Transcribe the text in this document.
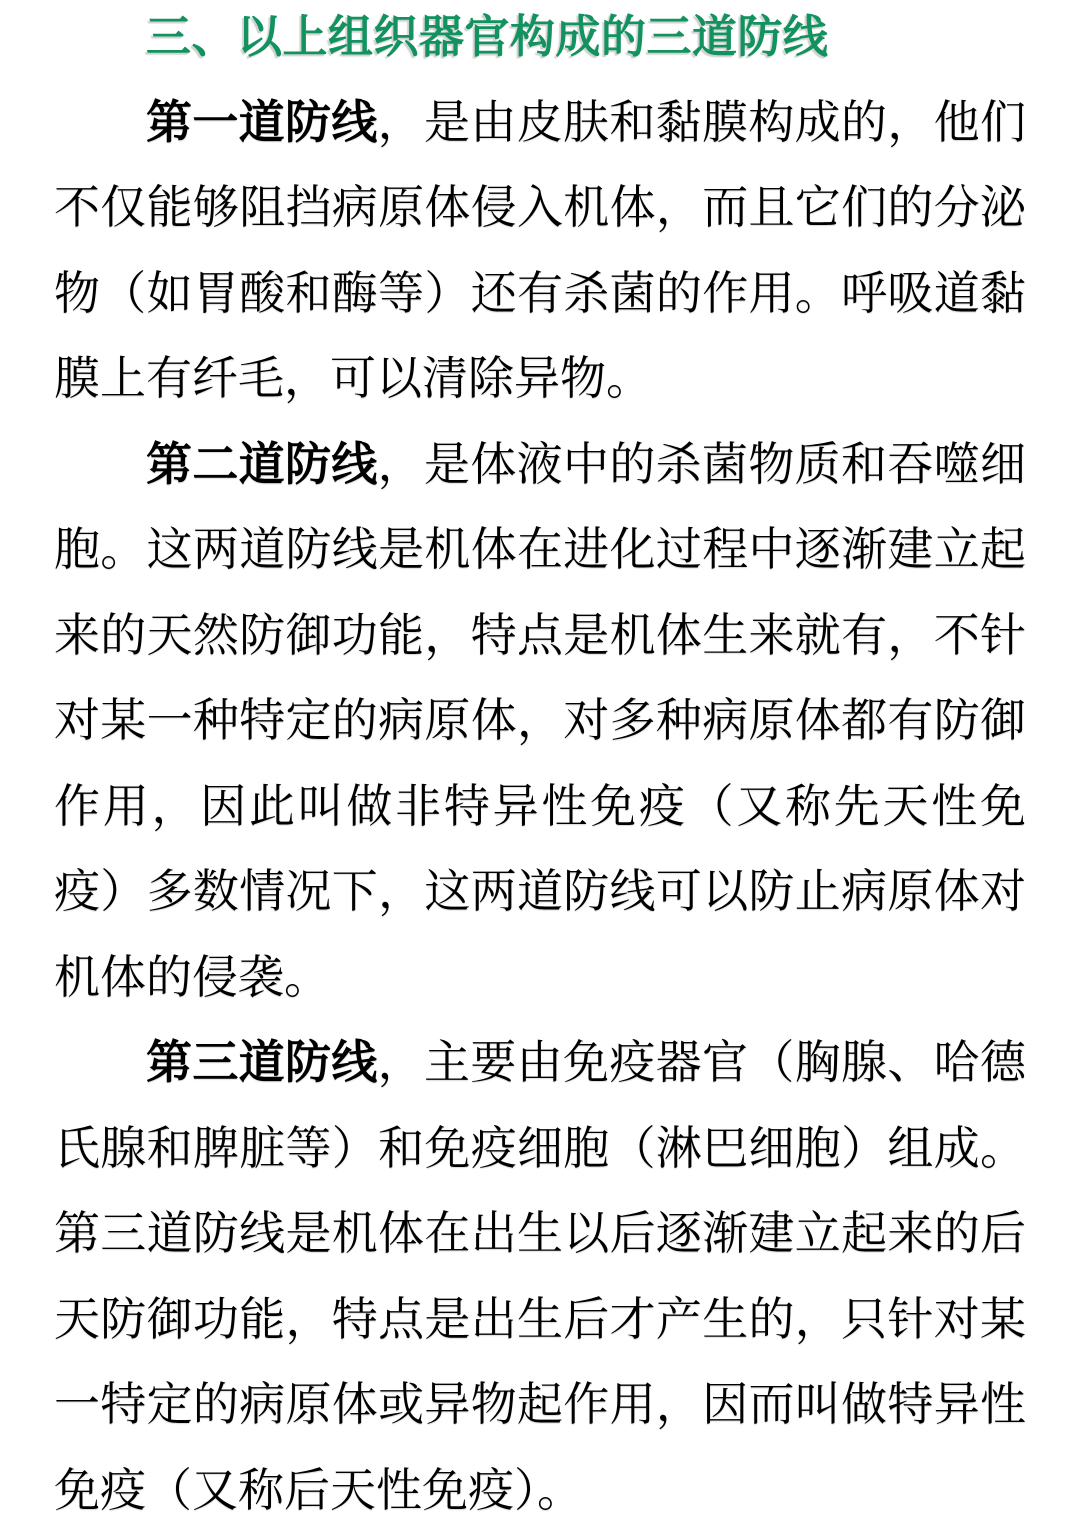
三、以上组织器官构成的三道防线

第一道防线，是由皮肤和黏膜构成的，他们不仅能够阻挡病原体侵入机体，而且它们的分泌物（如胃酸和酶等）还有杀菌的作用。呼吸道黏膜上有纤毛，可以清除异物。

第二道防线，是体液中的杀菌物质和吞噬细胞。这两道防线是机体在进化过程中逐渐建立起来的天然防御功能，特点是机体生来就有，不针对某一种特定的病原体，对多种病原体都有防御作用，因此叫做非特异性免疫（又称先天性免疫）多数情况下，这两道防线可以防止病原体对机体的侵袭。

第三道防线，主要由免疫器官（胸腺、哈德氏腺和脾脏等）和免疫细胞（淋巴细胞）组成。第三道防线是机体在出生以后逐渐建立起来的后天防御功能，特点是出生后才产生的，只针对某一特定的病原体或异物起作用，因而叫做特异性免疫（又称后天性免疫）。
